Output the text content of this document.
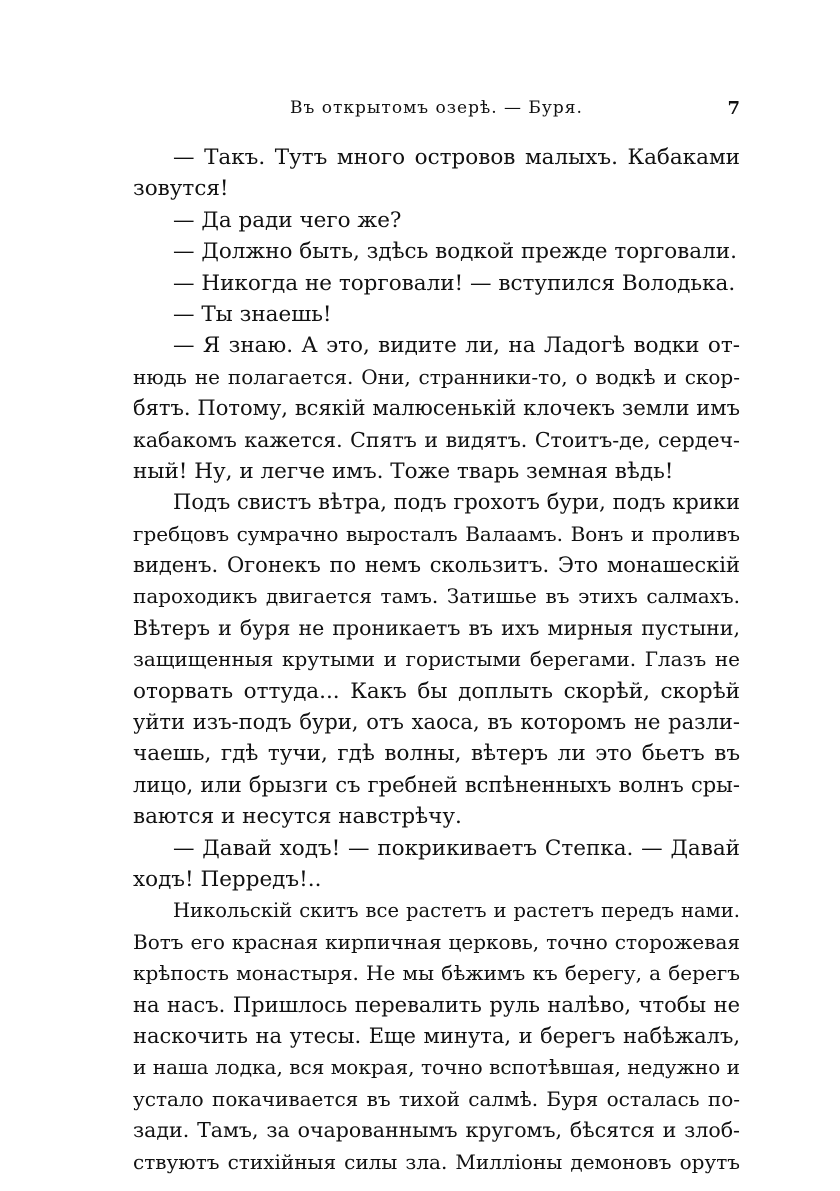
Въ открытомъ озерѣ. — Буря.	7
— Такъ. Тутъ много островов малыхъ. Кабаками
зовутся!
— Да ради чего же?
— Должно быть, здѣсь водкой прежде торговали.
— Никогда не торговали! — вступился Володька.
— Ты знаешь!
— Я знаю. А это, видите ли, на Ладогѣ водки от-
нюдь не полагается. Они, странники-то, о водкѣ и скор-
бятъ. Потому, всякій малюсенькій клочекъ земли имъ
кабакомъ кажется. Спятъ и видятъ. Стоитъ-де, сердеч-
ный! Ну, и легче имъ. Тоже тварь земная вѣдь!
Подъ свистъ вѣтра, подъ грохотъ бури, подъ крики
гребцовъ сумрачно выросталъ Валаамъ. Вонъ и проливъ
виденъ. Огонекъ по немъ скользитъ. Это монашескій
пароходикъ двигается тамъ. Затишье въ этихъ салмахъ.
Вѣтеръ и буря не проникаетъ въ ихъ мирныя пустыни,
защищенныя крутыми и гористыми берегами. Глазъ не
оторвать оттуда... Какъ бы доплыть скорѣй, скорѣй
уйти изъ-подъ бури, отъ хаоса, въ которомъ не разли-
чаешь, гдѣ тучи, гдѣ волны, вѣтеръ ли это бьетъ въ
лицо, или брызги съ гребней вспѣненныхъ волнъ сры-
ваются и несутся навстрѣчу.
— Давай ходъ! — покрикиваетъ Степка. — Давай
ходъ! Перредъ!..
Никольскій скитъ все растетъ и растетъ передъ нами.
Вотъ его красная кирпичная церковь, точно сторожевая
крѣпость монастыря. Не мы бѣжимъ къ берегу, а берегъ
на насъ. Пришлось перевалить руль налѣво, чтобы не
наскочить на утесы. Еще минута, и берегъ набѣжалъ,
и наша лодка, вся мокрая, точно вспотѣвшая, недужно и
устало покачивается въ тихой салмѣ. Буря осталась по-
зади. Тамъ, за очарованнымъ кругомъ, бѣсятся и злоб-
ствуютъ стихійныя силы зла. Милліоны демоновъ орутъ
